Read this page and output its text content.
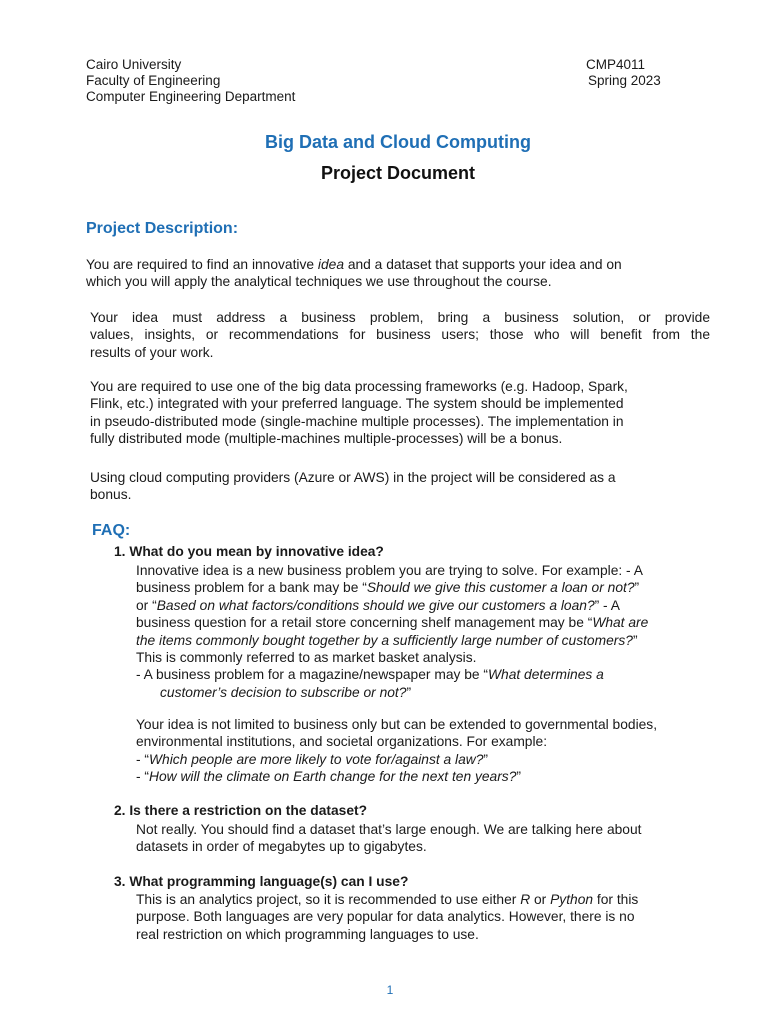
Cairo University
Faculty of Engineering
Computer Engineering Department
CMP4011
Spring 2023
Big Data and Cloud Computing
Project Document
Project Description:
You are required to find an innovative idea and a dataset that supports your idea and on
which you will apply the analytical techniques we use throughout the course.
Your idea must address a business problem, bring a business solution, or provide
values, insights, or recommendations for business users; those who will benefit from the
results of your work.
You are required to use one of the big data processing frameworks (e.g. Hadoop, Spark,
Flink, etc.) integrated with your preferred language. The system should be implemented
in pseudo-distributed mode (single-machine multiple processes). The implementation in
fully distributed mode (multiple-machines multiple-processes) will be a bonus.
Using cloud computing providers (Azure or AWS) in the project will be considered as a
bonus.
FAQ:
1. What do you mean by innovative idea?
Innovative idea is a new business problem you are trying to solve. For example: - A
business problem for a bank may be “Should we give this customer a loan or not?”
or “Based on what factors/conditions should we give our customers a loan?” - A
business question for a retail store concerning shelf management may be “What are
the items commonly bought together by a sufficiently large number of customers?”
This is commonly referred to as market basket analysis.
- A business problem for a magazine/newspaper may be “What determines a
customer’s decision to subscribe or not?”
Your idea is not limited to business only but can be extended to governmental bodies,
environmental institutions, and societal organizations. For example:
- “Which people are more likely to vote for/against a law?”
- “How will the climate on Earth change for the next ten years?”
2. Is there a restriction on the dataset?
Not really. You should find a dataset that’s large enough. We are talking here about
datasets in order of megabytes up to gigabytes.
3. What programming language(s) can I use?
This is an analytics project, so it is recommended to use either R or Python for this
purpose. Both languages are very popular for data analytics. However, there is no
real restriction on which programming languages to use.
1
